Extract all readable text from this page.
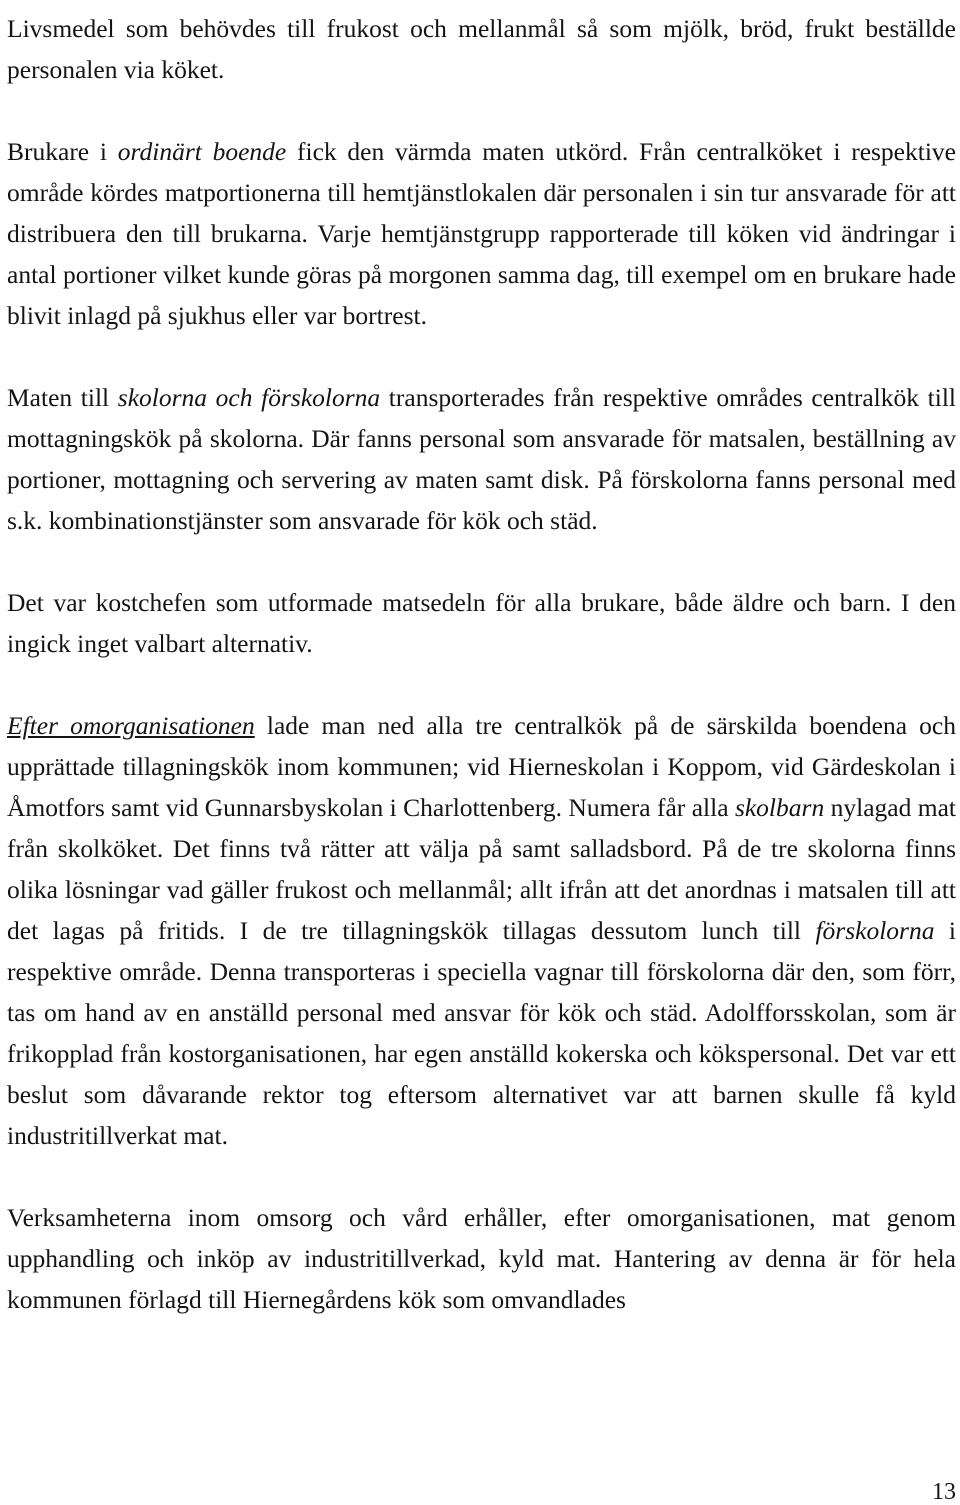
Livsmedel som behövdes till frukost och mellanmål så som mjölk, bröd, frukt beställde personalen via köket.

Brukare i ordinärt boende fick den värmda maten utkörd. Från centralköket i respektive område kördes matportionerna till hemtjänstlokalen där personalen i sin tur ansvarade för att distribuera den till brukarna. Varje hemtjänstgrupp rapporterade till köken vid ändringar i antal portioner vilket kunde göras på morgonen samma dag, till exempel om en brukare hade blivit inlagd på sjukhus eller var bortrest.

Maten till skolorna och förskolorna transporterades från respektive områdes centralkök till mottagningskök på skolorna. Där fanns personal som ansvarade för matsalen, beställning av portioner, mottagning och servering av maten samt disk. På förskolorna fanns personal med s.k. kombinationstjänster som ansvarade för kök och städ.

Det var kostchefen som utformade matsedeln för alla brukare, både äldre och barn. I den ingick inget valbart alternativ.

Efter omorganisationen lade man ned alla tre centralkök på de särskilda boendena och upprättade tillagningskök inom kommunen; vid Hierneskolan i Koppom, vid Gärdeskolan i Åmotfors samt vid Gunnarsbyskolan i Charlottenberg. Numera får alla skolbarn nylagad mat från skolköket. Det finns två rätter att välja på samt salladsbord. På de tre skolorna finns olika lösningar vad gäller frukost och mellanmål; allt ifrån att det anordnas i matsalen till att det lagas på fritids. I de tre tillagningskök tillagas dessutom lunch till förskolorna i respektive område. Denna transporteras i speciella vagnar till förskolorna där den, som förr, tas om hand av en anställd personal med ansvar för kök och städ. Adolfforsskolan, som är frikopplad från kostorganisationen, har egen anställd kokerska och kökspersonal. Det var ett beslut som dåvarande rektor tog eftersom alternativet var att barnen skulle få kyld industritillverkat mat.

Verksamheterna inom omsorg och vård erhåller, efter omorganisationen, mat genom upphandling och inköp av industritillverkad, kyld mat. Hantering av denna är för hela kommunen förlagd till Hiernegårdens kök som omvandlades

13
